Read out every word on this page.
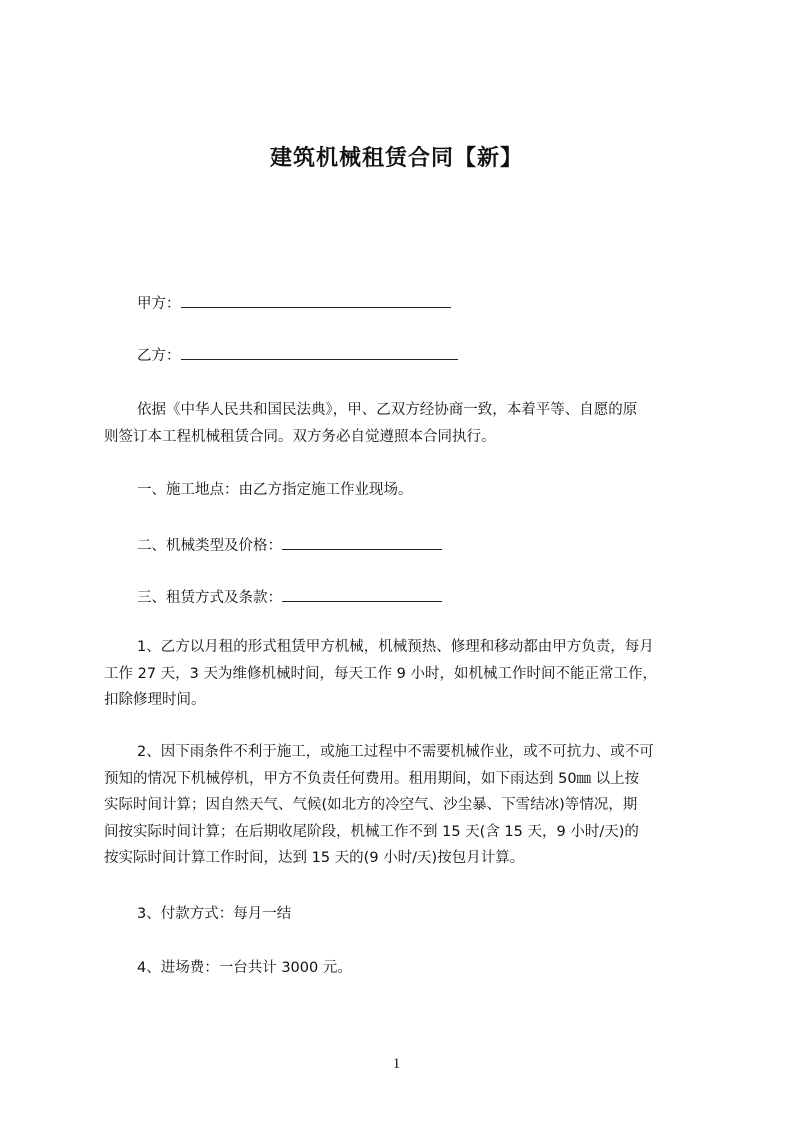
建筑机械租赁合同【新】
甲方：
乙方：
依据《中华人民共和国民法典》，甲、乙双方经协商一致，本着平等、自愿的原
则签订本工程机械租赁合同。双方务必自觉遵照本合同执行。
一、施工地点：由乙方指定施工作业现场。
二、机械类型及价格：
三、租赁方式及条款：
1、乙方以月租的形式租赁甲方机械，机械预热、修理和移动都由甲方负责，每月
工作 27 天，3 天为维修机械时间，每天工作 9 小时，如机械工作时间不能正常工作，
扣除修理时间。
2、因下雨条件不利于施工，或施工过程中不需要机械作业，或不可抗力、或不可
预知的情况下机械停机，甲方不负责任何费用。租用期间，如下雨达到 50㎜ 以上按
实际时间计算；因自然天气、气候(如北方的冷空气、沙尘暴、下雪结冰)等情况，期
间按实际时间计算；在后期收尾阶段，机械工作不到 15 天(含 15 天，9 小时/天)的
按实际时间计算工作时间，达到 15 天的(9 小时/天)按包月计算。
3、付款方式：每月一结
4、进场费：一台共计 3000 元。
1
